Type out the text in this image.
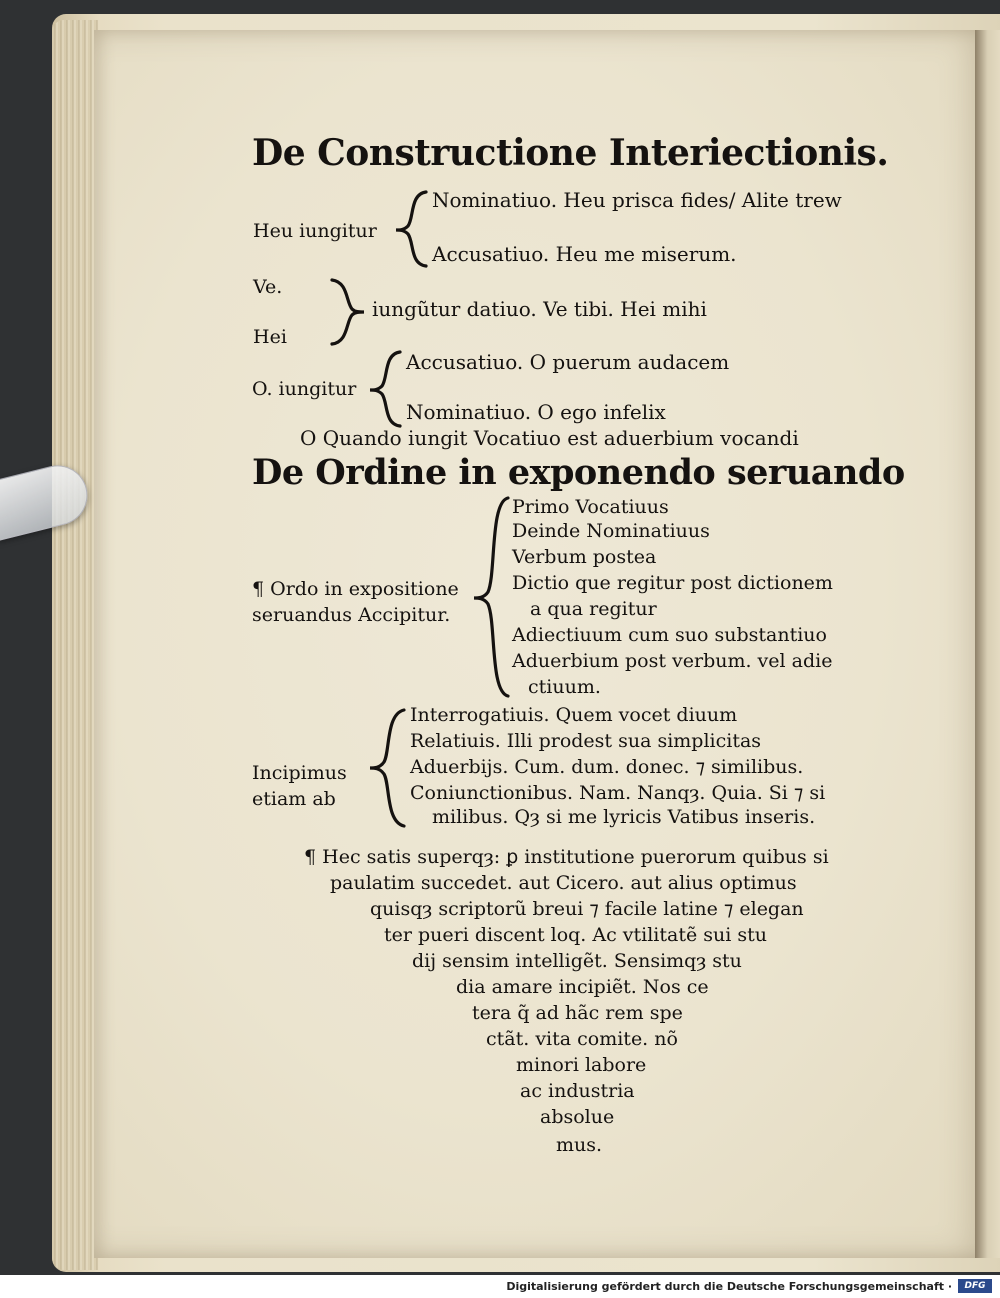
De Constructione Interiectionis.
Heu iungitur
Nominatiuo. Heu prisca fides/ Alite trew
Accusatiuo. Heu me miserum.
Ve.
Hei
iungũtur datiuo. Ve tibi. Hei mihi
O. iungitur
Accusatiuo. O puerum audacem
Nominatiuo. O ego infelix
O Quando iungit Vocatiuo est aduerbium vocandi
De Ordine in exponendo seruando
¶ Ordo in expositione
seruandus Accipitur.
Primo Vocatiuus
Deinde Nominatiuus
Verbum postea
Dictio que regitur post dictionem
a qua regitur
Adiectiuum cum suo substantiuo
Aduerbium post verbum. vel adie
ctiuum.
Incipimus
etiam ab
Interrogatiuis. Quem vocet diuum
Relatiuis. Illi prodest sua simplicitas
Aduerbijs. Cum. dum. donec. ⁊ similibus.
Coniunctionibus. Nam. Nanqȝ. Quia. Si ⁊ si
milibus. Qȝ si me lyricis Vatibus inseris.
¶ Hec satis superqȝ: ꝑ institutione puerorum quibus si
paulatim succedet. aut Cicero. aut alius optimus
quisqȝ scriptorũ breui ⁊ facile latine ⁊ elegan
ter pueri discent loq. Ac vtilitatẽ sui stu
dij sensim intelligẽt. Sensimqȝ stu
dia amare incipiẽt. Nos ce
tera q̃ ad hãc rem spe
ctãt. vita comite. nõ
minori labore
ac industria
absolue
mus.
Digitalisierung gefördert durch die Deutsche Forschungsgemeinschaft ·	DFG
